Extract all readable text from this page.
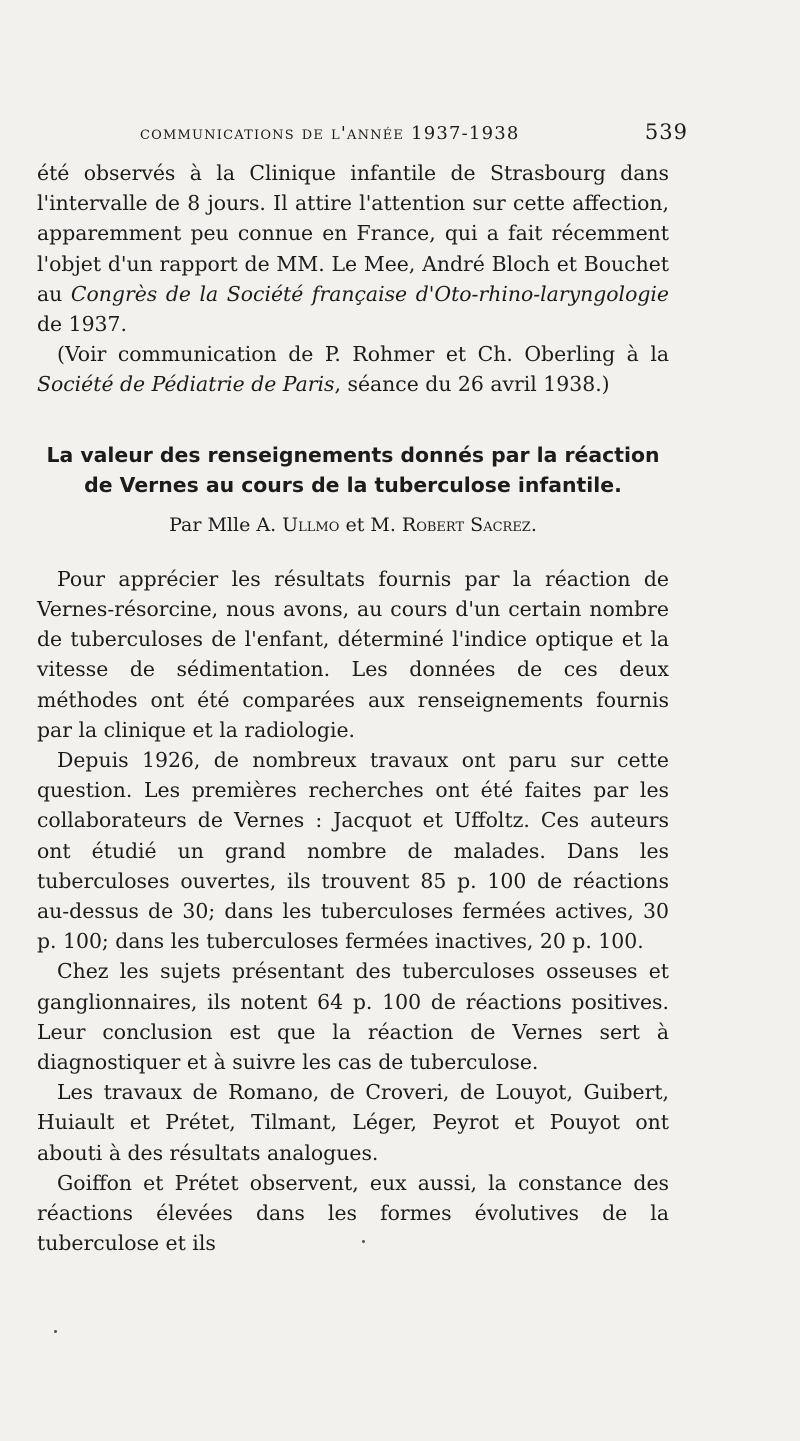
communications de l'année 1937-1938	539

été observés à la Clinique infantile de Strasbourg dans l'intervalle de 8 jours. Il attire l'attention sur cette affection, apparemment peu connue en France, qui a fait récemment l'objet d'un rapport de MM. Le Mee, André Bloch et Bouchet au Congrès de la Société française d'Oto-rhino-laryngologie de 1937.

(Voir communication de P. Rohmer et Ch. Oberling à la Société de Pédiatrie de Paris, séance du 26 avril 1938.)

La valeur des renseignements donnés par la réaction de Vernes au cours de la tuberculose infantile.
Par Mlle A. Ullmo et M. Robert Sacrez.

Pour apprécier les résultats fournis par la réaction de Vernes-résorcine, nous avons, au cours d'un certain nombre de tuberculoses de l'enfant, déterminé l'indice optique et la vitesse de sédimentation. Les données de ces deux méthodes ont été comparées aux renseignements fournis par la clinique et la radiologie.

Depuis 1926, de nombreux travaux ont paru sur cette question. Les premières recherches ont été faites par les collaborateurs de Vernes : Jacquot et Uffoltz. Ces auteurs ont étudié un grand nombre de malades. Dans les tuberculoses ouvertes, ils trouvent 85 p. 100 de réactions au-dessus de 30; dans les tuberculoses fermées actives, 30 p. 100; dans les tuberculoses fermées inactives, 20 p. 100.

Chez les sujets présentant des tuberculoses osseuses et ganglionnaires, ils notent 64 p. 100 de réactions positives. Leur conclusion est que la réaction de Vernes sert à diagnostiquer et à suivre les cas de tuberculose.

Les travaux de Romano, de Croveri, de Louyot, Guibert, Huiault et Prétet, Tilmant, Léger, Peyrot et Pouyot ont abouti à des résultats analogues.

Goiffon et Prétet observent, eux aussi, la constance des réactions élevées dans les formes évolutives de la tuberculose et ils
